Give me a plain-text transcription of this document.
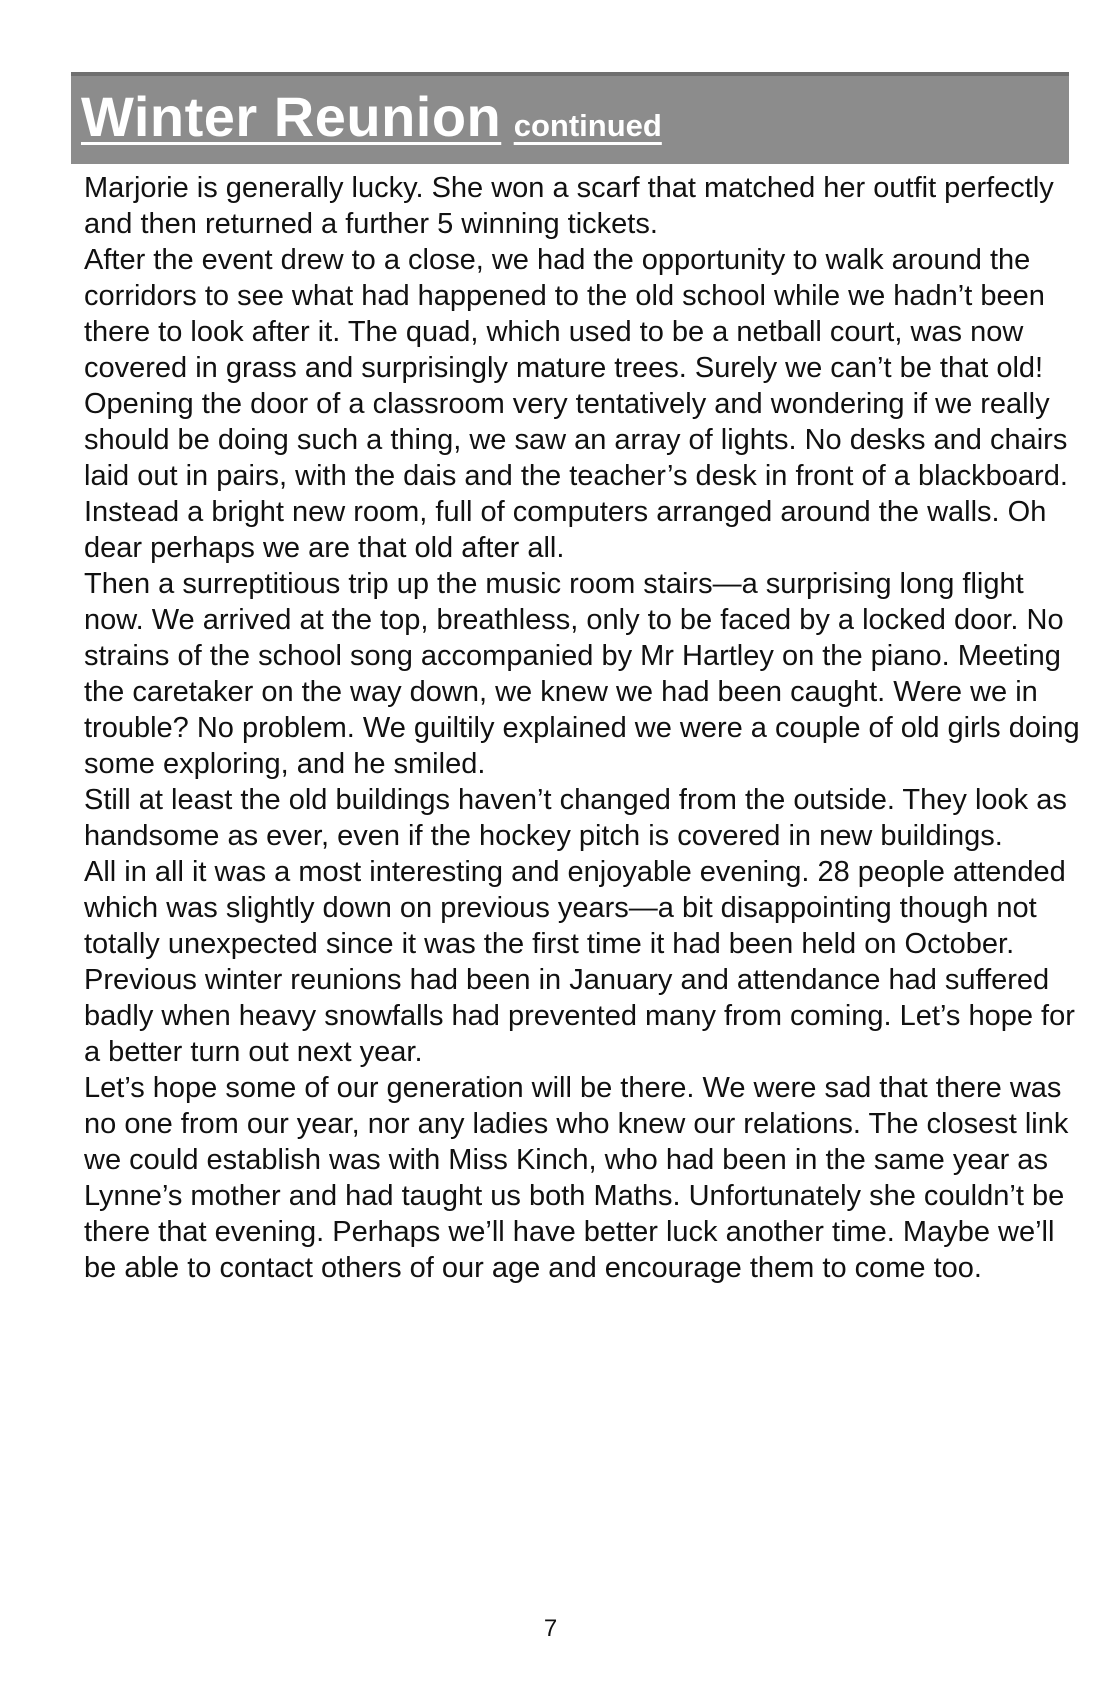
Winter Reunion continued

Marjorie is generally lucky. She won a scarf that matched her outfit perfectly and then returned a further 5 winning tickets.

After the event drew to a close, we had the opportunity to walk around the corridors to see what had happened to the old school while we hadn’t been there to look after it. The quad, which used to be a netball court, was now covered in grass and surprisingly mature trees. Surely we can’t be that old!

Opening the door of a classroom very tentatively and wondering if we really should be doing such a thing, we saw an array of lights. No desks and chairs laid out in pairs, with the dais and the teacher’s desk in front of a blackboard. Instead a bright new room, full of computers arranged around the walls. Oh dear perhaps we are that old after all.

Then a surreptitious trip up the music room stairs—a surprising long flight now. We arrived at the top, breathless, only to be faced by a locked door. No strains of the school song accompanied by Mr Hartley on the piano. Meeting the caretaker on the way down, we knew we had been caught. Were we in trouble? No problem. We guiltily explained we were a couple of old girls doing some exploring, and he smiled.

Still at least the old buildings haven’t changed from the outside. They look as handsome as ever, even if the hockey pitch is covered in new buildings.

All in all it was a most interesting and enjoyable evening. 28 people attended which was slightly down on previous years—a bit disappointing though not totally unexpected since it was the first time it had been held on October. Previous winter reunions had been in January and attendance had suffered badly when heavy snowfalls had prevented many from coming. Let’s hope for a better turn out next year.

Let’s hope some of our generation will be there. We were sad that there was no one from our year, nor any ladies who knew our relations. The closest link we could establish was with Miss Kinch, who had been in the same year as Lynne’s mother and had taught us both Maths. Unfortunately she couldn’t be there that evening. Perhaps we’ll have better luck another time. Maybe we’ll be able to contact others of our age and encourage them to come too.

7
